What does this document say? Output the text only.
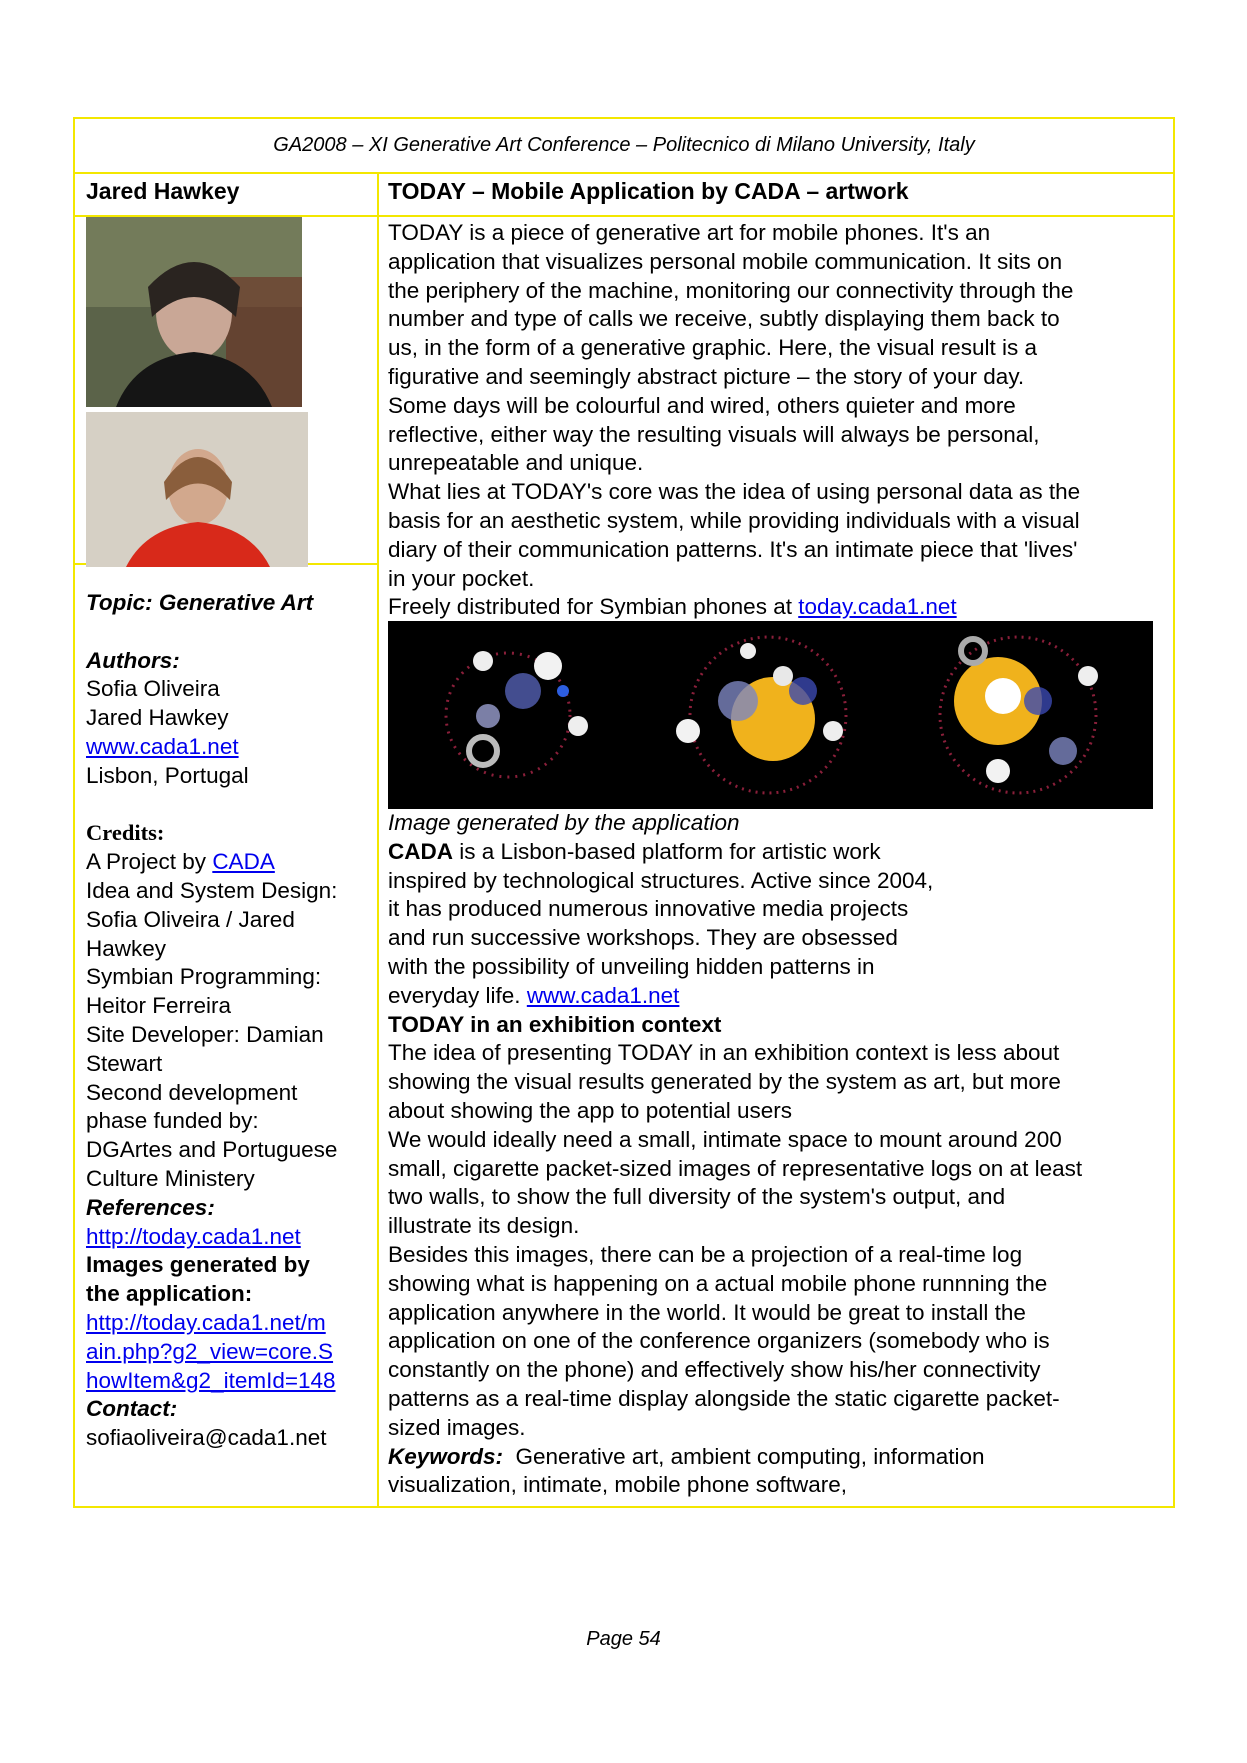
GA2008 – XI Generative Art Conference – Politecnico di Milano University, Italy
Jared Hawkey	TODAY – Mobile Application by CADA – artwork

Topic: Generative Art

Authors:

Sofia Oliveira

Jared Hawkey

www.cada1.net

Lisbon, Portugal

Credits:

A Project by CADA

Idea and System Design:

Sofia Oliveira / Jared

Hawkey

Symbian Programming:

Heitor Ferreira

Site Developer: Damian

Stewart

Second development

phase funded by:

DGArtes and Portuguese

Culture Ministery

References:

http://today.cada1.net

Images generated by

the application:

http://today.cada1.net/m

ain.php?g2_view=core.S

howItem&g2_itemId=148

Contact:

sofiaoliveira@cada1.net

TODAY is a piece of generative art for mobile phones. It's an

application that visualizes personal mobile communication. It sits on

the periphery of the machine, monitoring our connectivity through the

number and type of calls we receive, subtly displaying them back to

us, in the form of a generative graphic. Here, the visual result is a

figurative and seemingly abstract picture – the story of your day.

Some days will be colourful and wired, others quieter and more

reflective, either way the resulting visuals will always be personal,

unrepeatable and unique.

What lies at TODAY's core was the idea of using personal data as the

basis for an aesthetic system, while providing individuals with a visual

diary of their communication patterns. It's an intimate piece that 'lives'

in your pocket.

Freely distributed for Symbian phones at today.cada1.net

Image generated by the application

CADA is a Lisbon-based platform for artistic work

inspired by technological structures. Active since 2004,

it has produced numerous innovative media projects

and run successive workshops. They are obsessed

with the possibility of unveiling hidden patterns in

everyday life. www.cada1.net

TODAY in an exhibition context

The idea of presenting TODAY in an exhibition context is less about

showing the visual results generated by the system as art, but more

about showing the app to potential users

We would ideally need a small, intimate space to mount around 200

small, cigarette packet-sized images of representative logs on at least

two walls, to show the full diversity of the system's output, and

illustrate its design.

Besides this images, there can be a projection of a real-time log

showing what is happening on a actual mobile phone runnning the

application anywhere in the world. It would be great to install the

application on one of the conference organizers (somebody who is

constantly on the phone) and effectively show his/her connectivity

patterns as a real-time display alongside the static cigarette packet-

sized images.

Keywords:  Generative art, ambient computing, information

visualization, intimate, mobile phone software,

Page 54
